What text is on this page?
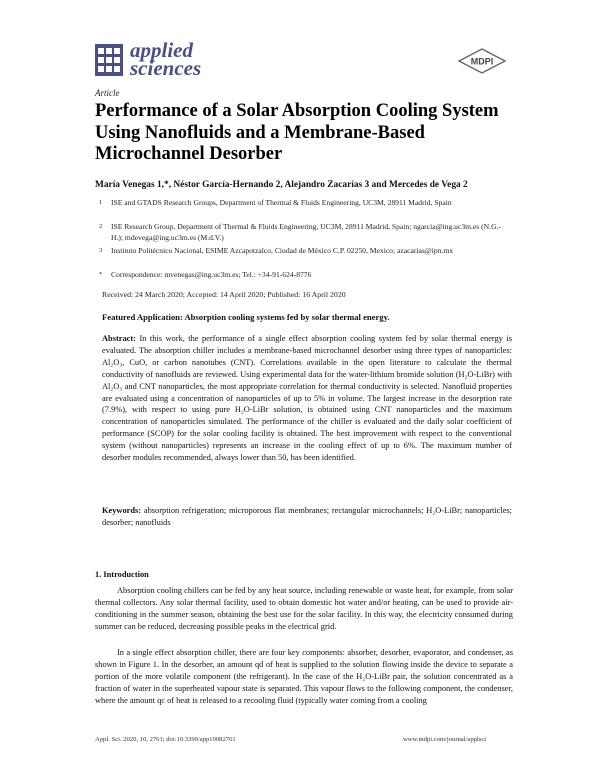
applied
sciences	MDPI
Article
Performance of a Solar Absorption Cooling System Using Nanofluids and a Membrane-Based Microchannel Desorber
María Venegas 1,*, Néstor García-Hernando 2, Alejandro Zacarías 3 and Mercedes de Vega 2
1 ISE and GTADS Research Groups, Department of Thermal & Fluids Engineering, UC3M, 28911 Madrid, Spain
2 ISE Research Group, Department of Thermal & Fluids Engineering, UC3M, 28911 Madrid, Spain; ngarcia@ing.uc3m.es (N.G.-H.); mdevega@ing.uc3m.es (M.d.V.)
3 Instituto Politécnico Nacional, ESIME Azcapotzalco, Ciudad de México C.P. 02250, Mexico; azacarias@ipn.mx
* Correspondence: mvenegas@ing.uc3m.es; Tel.: +34-91-624-8776
Received: 24 March 2020; Accepted: 14 April 2020; Published: 16 April 2020
Featured Application: Absorption cooling systems fed by solar thermal energy.
Abstract: In this work, the performance of a single effect absorption cooling system fed by solar thermal energy is evaluated. The absorption chiller includes a membrane-based microchannel desorber using three types of nanoparticles: Al₂O₃, CuO, or carbon nanotubes (CNT). Correlations available in the open literature to calculate the thermal conductivity of nanofluids are reviewed. Using experimental data for the water-lithium bromide solution (H₂O-LiBr) with Al₂O₃ and CNT nanoparticles, the most appropriate correlation for thermal conductivity is selected. Nanofluid properties are evaluated using a concentration of nanoparticles of up to 5% in volume. The largest increase in the desorption rate (7.9%), with respect to using pure H₂O-LiBr solution, is obtained using CNT nanoparticles and the maximum concentration of nanoparticles simulated. The performance of the chiller is evaluated and the daily solar coefficient of performance (SCOP) for the solar cooling facility is obtained. The best improvement with respect to the conventional system (without nanoparticles) represents an increase in the cooling effect of up to 6%. The maximum number of desorber modules recommended, always lower than 50, has been identified.
Keywords: absorption refrigeration; microporous flat membranes; rectangular microchannels; H₂O-LiBr; nanoparticles; desorber; nanofluids
1. Introduction
Absorption cooling chillers can be fed by any heat source, including renewable or waste heat, for example, from solar thermal collectors. Any solar thermal facility, used to obtain domestic hot water and/or heating, can be used to provide air-conditioning in the summer season, obtaining the best use for the solar facility. In this way, the electricity consumed during summer can be reduced, decreasing possible peaks in the electrical grid.
In a single effect absorption chiller, there are four key components: absorber, desorber, evaporator, and condenser, as shown in Figure 1. In the desorber, an amount qd of heat is supplied to the solution flowing inside the device to separate a portion of the more volatile component (the refrigerant). In the case of the H₂O-LiBr pair, the solution concentrated as a fraction of water in the superheated vapour state is separated. This vapour flows to the following component, the condenser, where the amount qc of heat is released to a recooling fluid (typically water coming from a cooling
Appl. Sci. 2020, 10, 2761; doi:10.3390/app10082761	www.mdpi.com/journal/applsci
